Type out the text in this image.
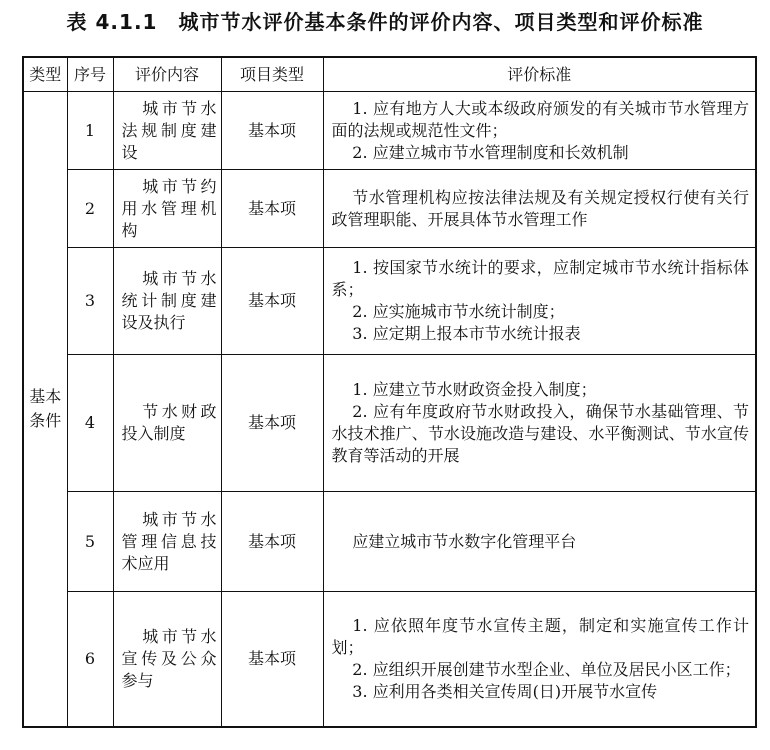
表 4.1.1　城市节水评价基本条件的评价内容、项目类型和评价标准
类型	序号	评价内容	项目类型	评价标准
基本条件	1	城市节水法规制度建设	基本项	1. 应有地方人大或本级政府颁发的有关城市节水管理方面的法规或规范性文件；

2. 应建立城市节水管理制度和长效机制

	2	城市节约用水管理机构	基本项	节水管理机构应按法律法规及有关规定授权行使有关行政管理职能、开展具体节水管理工作

	3	城市节水统计制度建设及执行	基本项	1. 按国家节水统计的要求，应制定城市节水统计指标体系；

2. 应实施城市节水统计制度；

3. 应定期上报本市节水统计报表

	4	节水财政投入制度	基本项	1. 应建立节水财政资金投入制度；

2. 应有年度政府节水财政投入，确保节水基础管理、节水技术推广、节水设施改造与建设、水平衡测试、节水宣传教育等活动的开展

	5	城市节水管理信息技术应用	基本项	应建立城市节水数字化管理平台

	6	城市节水宣传及公众参与	基本项	1. 应依照年度节水宣传主题，制定和实施宣传工作计划；

2. 应组织开展创建节水型企业、单位及居民小区工作；

3. 应利用各类相关宣传周(日)开展节水宣传
